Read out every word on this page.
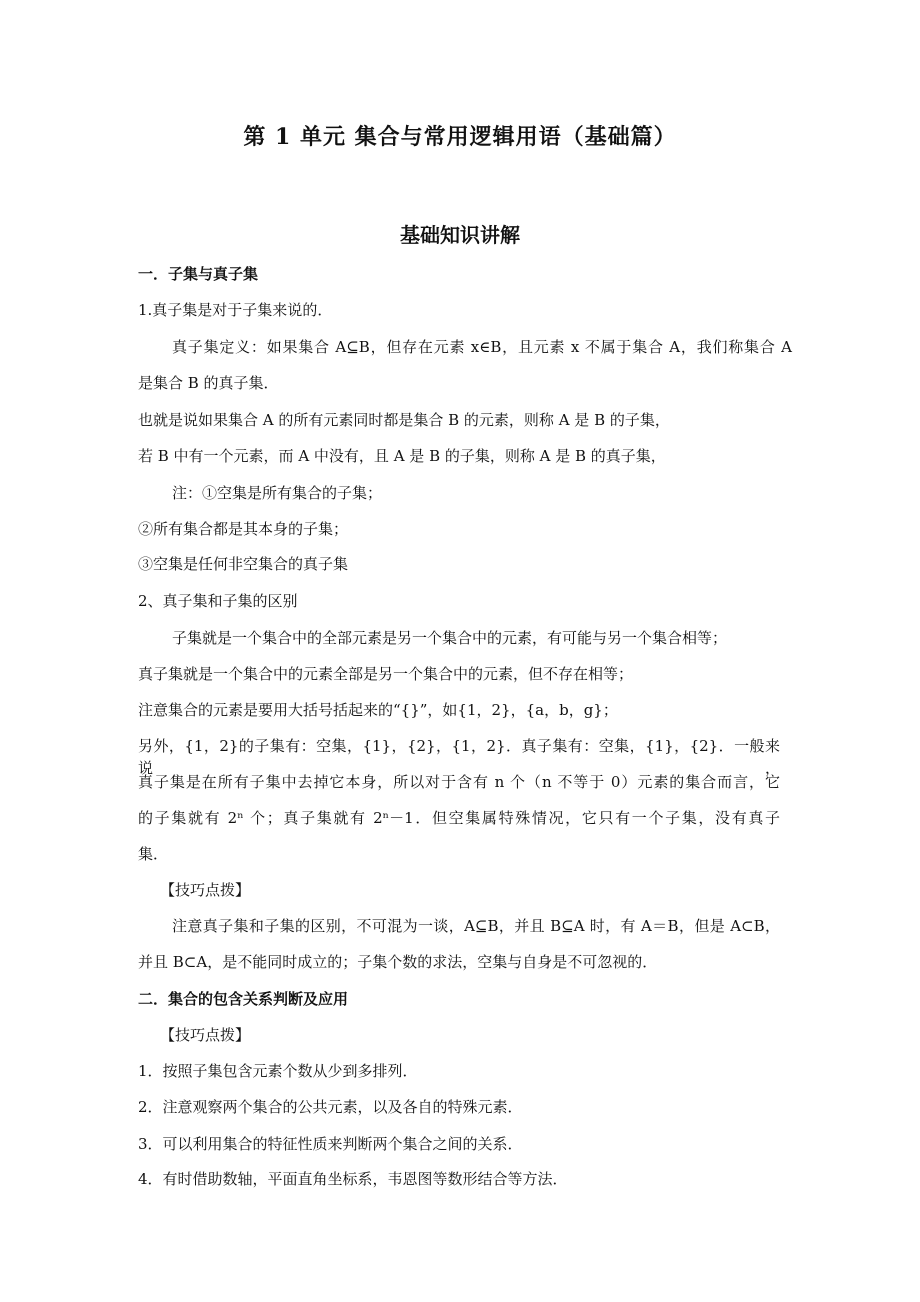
第 1 单元 集合与常用逻辑用语（基础篇）
基础知识讲解
一．子集与真子集
1.真子集是对于子集来说的．
真子集定义：如果集合 A⊆B，但存在元素 x∈B，且元素 x 不属于集合 A，我们称集合 A
是集合 B 的真子集．
也就是说如果集合 A 的所有元素同时都是集合 B 的元素，则称 A 是 B 的子集，
若 B 中有一个元素，而 A 中没有，且 A 是 B 的子集，则称 A 是 B 的真子集，
注：①空集是所有集合的子集；
②所有集合都是其本身的子集；
③空集是任何非空集合的真子集
2、真子集和子集的区别
子集就是一个集合中的全部元素是另一个集合中的元素，有可能与另一个集合相等；
真子集就是一个集合中的元素全部是另一个集合中的元素，但不存在相等；
注意集合的元素是要用大括号括起来的“{}”，如{1，2}，{a，b，g}；
另外，{1，2}的子集有：空集，{1}，{2}，{1，2}．真子集有：空集，{1}，{2}．一般来说，
真子集是在所有子集中去掉它本身，所以对于含有 n 个（n 不等于 0）元素的集合而言，它
的子集就有 2ⁿ 个；真子集就有 2ⁿ－1．但空集属特殊情况，它只有一个子集，没有真子
集．
【技巧点拨】
注意真子集和子集的区别，不可混为一谈，A⊆B，并且 B⊆A 时，有 A＝B，但是 A⊂B，
并且 B⊂A，是不能同时成立的；子集个数的求法，空集与自身是不可忽视的．
二．集合的包含关系判断及应用
【技巧点拨】
1．按照子集包含元素个数从少到多排列．
2．注意观察两个集合的公共元素，以及各自的特殊元素．
3．可以利用集合的特征性质来判断两个集合之间的关系．
4．有时借助数轴，平面直角坐标系，韦恩图等数形结合等方法．
